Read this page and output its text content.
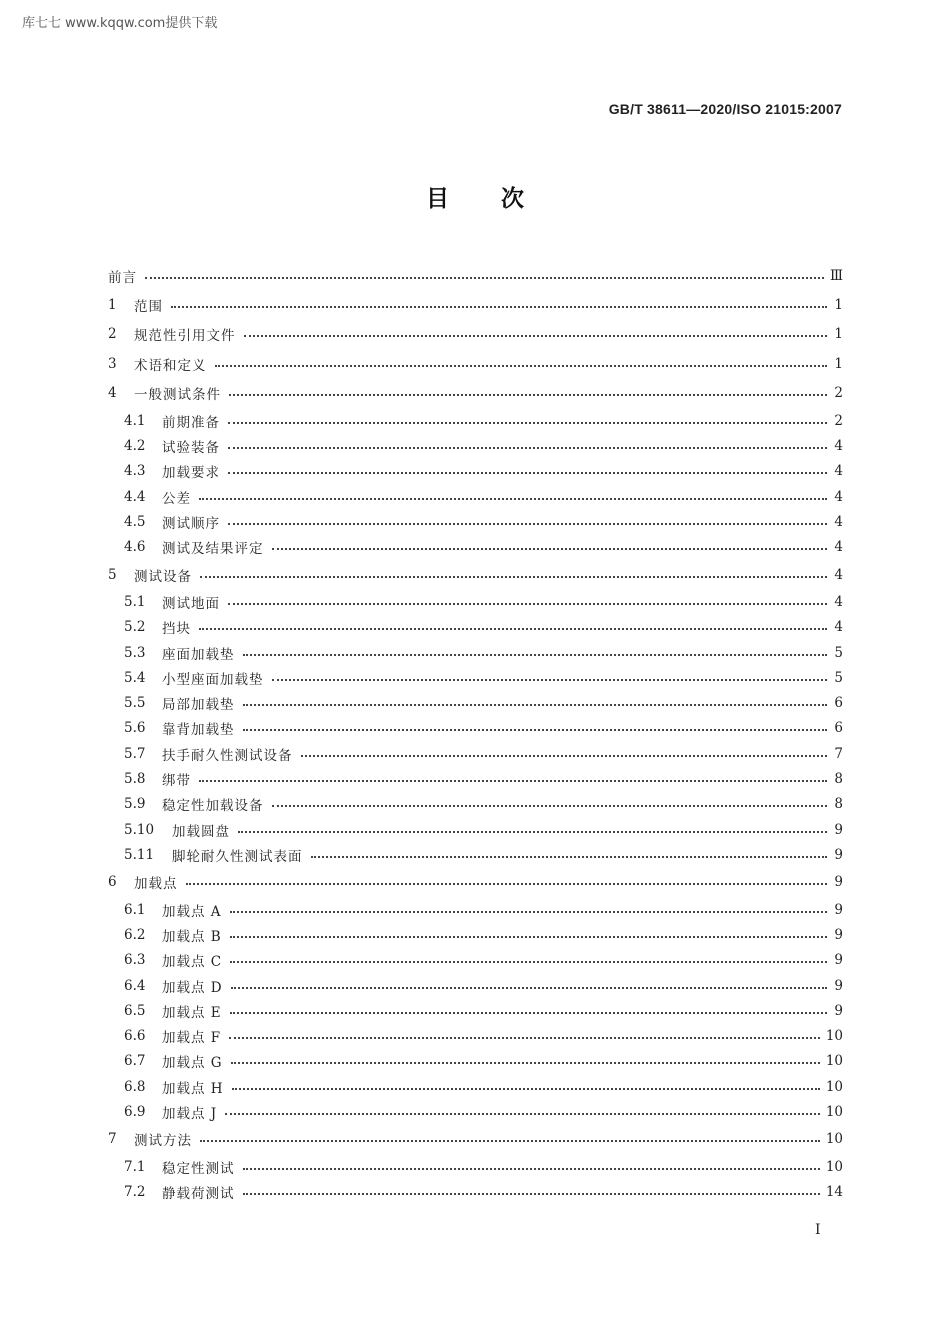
库七七 www.kqqw.com提供下载
GB/T 38611—2020/ISO 21015:2007
目 次
前言	Ⅲ
1	范围	1
2	规范性引用文件	1
3	术语和定义	1
4	一般测试条件	2
4.1	前期准备	2
4.2	试验装备	4
4.3	加载要求	4
4.4	公差	4
4.5	测试顺序	4
4.6	测试及结果评定	4
5	测试设备	4
5.1	测试地面	4
5.2	挡块	4
5.3	座面加载垫	5
5.4	小型座面加载垫	5
5.5	局部加载垫	6
5.6	靠背加载垫	6
5.7	扶手耐久性测试设备	7
5.8	绑带	8
5.9	稳定性加载设备	8
5.10	加载圆盘	9
5.11	脚轮耐久性测试表面	9
6	加载点	9
6.1	加载点 A	9
6.2	加载点 B	9
6.3	加载点 C	9
6.4	加载点 D	9
6.5	加载点 E	9
6.6	加载点 F	10
6.7	加载点 G	10
6.8	加载点 H	10
6.9	加载点 J	10
7	测试方法	10
7.1	稳定性测试	10
7.2	静载荷测试	14
I
